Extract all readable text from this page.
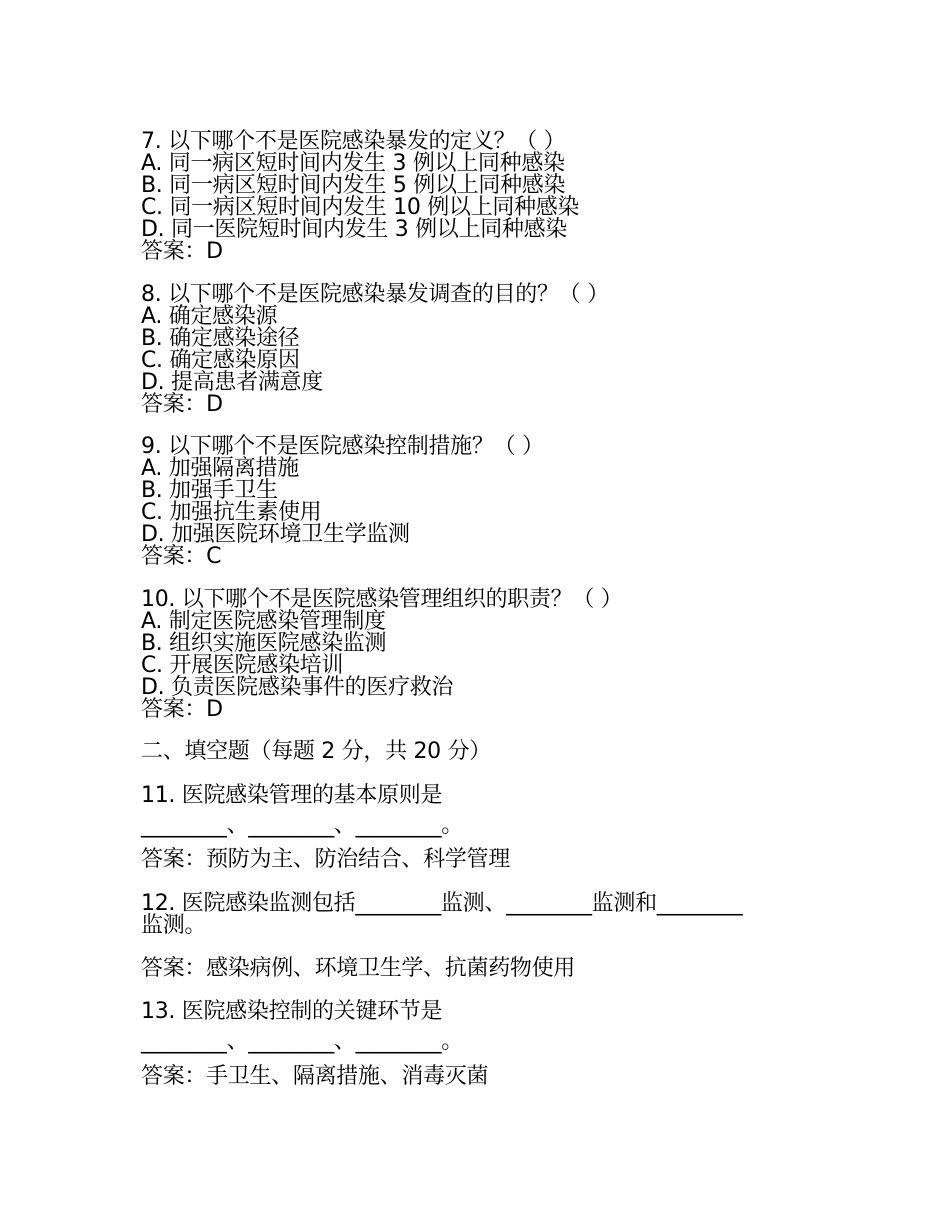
7. 以下哪个不是医院感染暴发的定义？（ ）
A. 同一病区短时间内发生 3 例以上同种感染
B. 同一病区短时间内发生 5 例以上同种感染
C. 同一病区短时间内发生 10 例以上同种感染
D. 同一医院短时间内发生 3 例以上同种感染
答案：D
8. 以下哪个不是医院感染暴发调查的目的？（ ）
A. 确定感染源
B. 确定感染途径
C. 确定感染原因
D. 提高患者满意度
答案：D
9. 以下哪个不是医院感染控制措施？（ ）
A. 加强隔离措施
B. 加强手卫生
C. 加强抗生素使用
D. 加强医院环境卫生学监测
答案：C
10. 以下哪个不是医院感染管理组织的职责？（ ）
A. 制定医院感染管理制度
B. 组织实施医院感染监测
C. 开展医院感染培训
D. 负责医院感染事件的医疗救治
答案：D
二、填空题（每题 2 分，共 20 分）
11. 医院感染管理的基本原则是
________、________、________。
答案：预防为主、防治结合、科学管理
12. 医院感染监测包括________监测、________监测和________
监测。
答案：感染病例、环境卫生学、抗菌药物使用
13. 医院感染控制的关键环节是
________、________、________。
答案：手卫生、隔离措施、消毒灭菌
